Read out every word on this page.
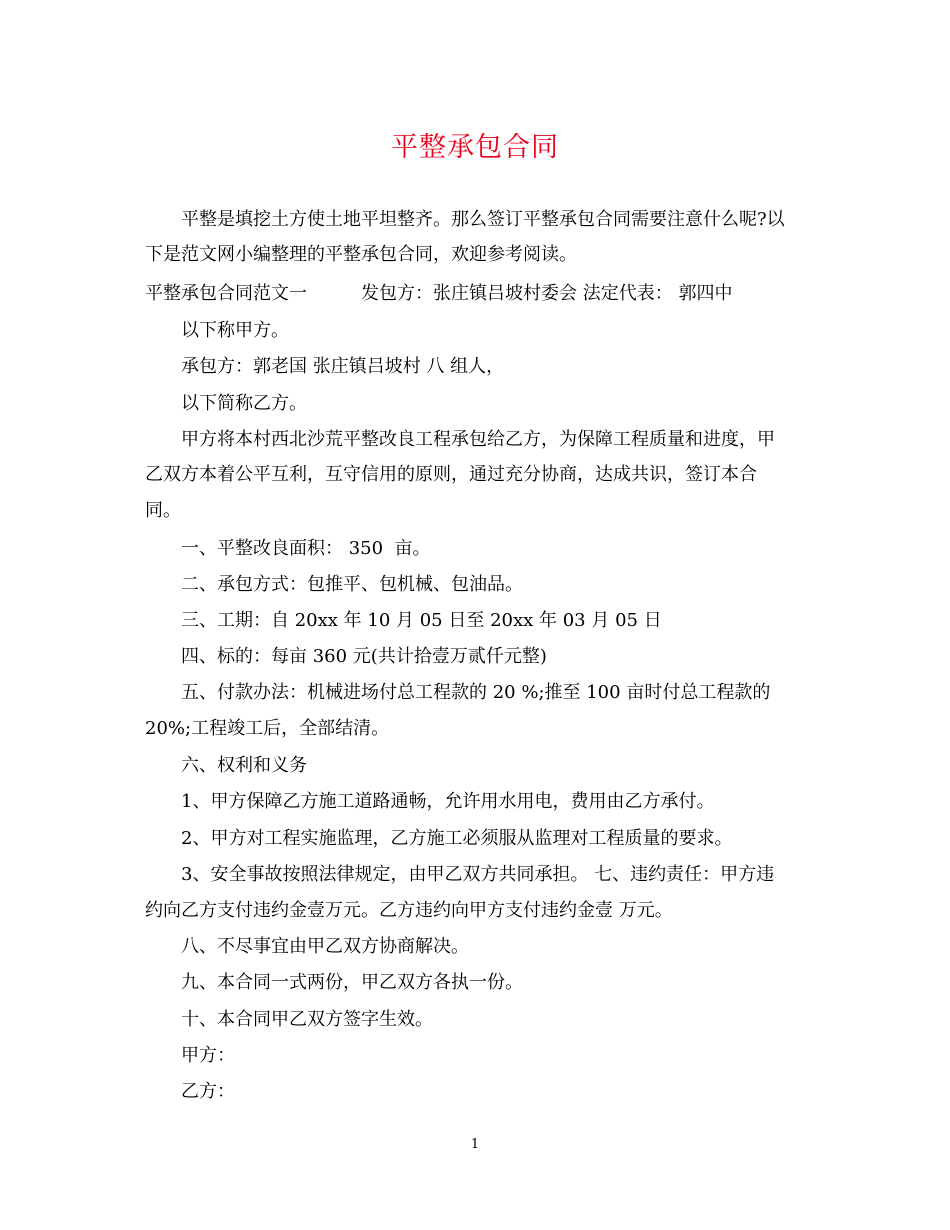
平整承包合同
平整是填挖土方使土地平坦整齐。那么签订平整承包合同需要注意什么呢?以
下是范文网小编整理的平整承包合同，欢迎参考阅读。
平整承包合同范文一　　　发包方：张庄镇吕坡村委会 法定代表： 郭四中
以下称甲方。
承包方：郭老国 张庄镇吕坡村 八 组人，
以下简称乙方。
甲方将本村西北沙荒平整改良工程承包给乙方，为保障工程质量和进度，甲
乙双方本着公平互利，互守信用的原则，通过充分协商，达成共识，签订本合
同。
一、平整改良面积： 350  亩。
二、承包方式：包推平、包机械、包油品。
三、工期：自 20xx 年 10 月 05 日至 20xx 年 03 月 05 日
四、标的：每亩 360 元(共计拾壹万贰仟元整)
五、付款办法：机械进场付总工程款的 20 %;推至 100 亩时付总工程款的
20%;工程竣工后，全部结清。
六、权利和义务
1、甲方保障乙方施工道路通畅，允许用水用电，费用由乙方承付。
2、甲方对工程实施监理，乙方施工必须服从监理对工程质量的要求。
3、安全事故按照法律规定，由甲乙双方共同承担。 七、违约责任：甲方违
约向乙方支付违约金壹万元。乙方违约向甲方支付违约金壹 万元。
八、不尽事宜由甲乙双方协商解决。
九、本合同一式两份，甲乙双方各执一份。
十、本合同甲乙双方签字生效。
甲方：
乙方：
1
